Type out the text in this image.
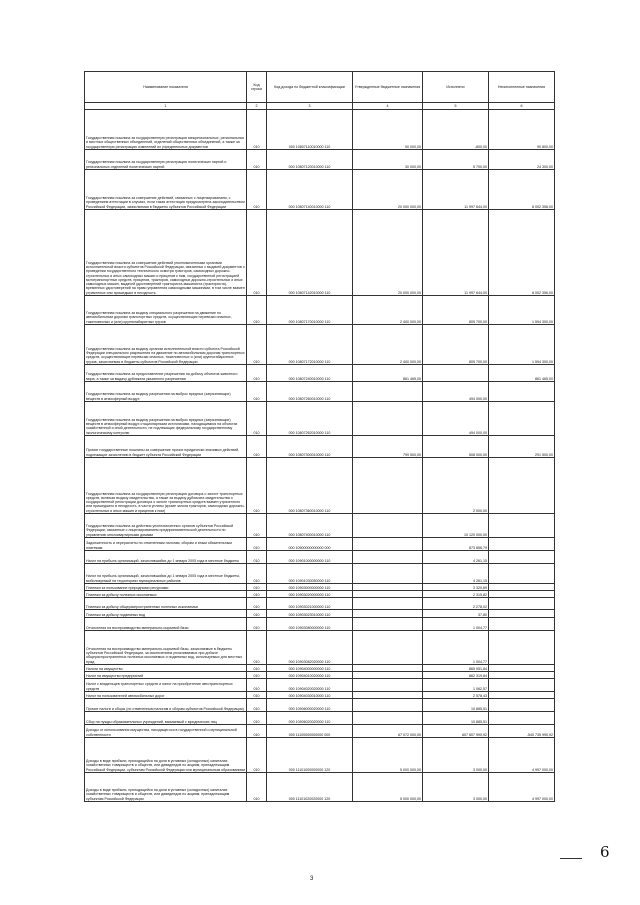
Наименование показателя	Код строки	Код дохода по бюджетной классификации	Утвержденные бюджетные назначения	Исполнено	Неисполненные назначения
1	2	3	4	5	6
Государственная пошлина за государственную регистрацию межрегиональных, региональных и местных общественных объединений, отделений общественных объединений, а также за государственную регистрацию изменений их учредительных документов	010	000 10807110010000 110	90 000,00	-800,00	90 800,00
Государственная пошлина за государственную регистрацию политических партий и региональных отделений политических партий	010	000 10807120010000 110	30 000,00	5 700,00	24 300,00
Государственная пошлина за совершение действий, связанных с лицензированием, с проведением аттестации в случаях, если такая аттестация предусмотрена законодательством Российской Федерации, зачисляемая в бюджеты субъектов Российской Федерации	010	000 10807140010000 110	20 000 000,00	11 997 644,00	8 002 356,00
Государственная пошлина за совершение действий уполномоченными органами исполнительной власти субъектов Российской Федерации, связанных с выдачей документов о проведении государственного технического осмотра тракторов, самоходных дорожно-строительных и иных самоходных машин и прицепов к ним, государственной регистрацией мототранспортных средств, прицепов, тракторов, самоходных дорожно-строительных и иных самоходных машин, выдачей удостоверений тракториста-машиниста (тракториста), временных удостоверений на право управления самоходными машинами, в том числе взамен утраченных или пришедших в негодность	010	000 10807142010000 110	20 000 000,00	11 997 644,00	8 002 356,00
Государственная пошлина за выдачу специального разрешения на движение по автомобильным дорогам транспортных средств, осуществляющих перевозки опасных, тяжеловесных и (или) крупногабаритных грузов	010	000 10807170010000 110	2 400 000,00	805 700,00	1 594 300,00
Государственная пошлина за выдачу органом исполнительной власти субъекта Российской Федерации специального разрешения на движение по автомобильным дорогам транспортных средств, осуществляющих перевозки опасных, тяжеловесных и (или) крупногабаритных грузов, зачисляемая в бюджеты субъектов Российской Федерации	010	000 10807172010000 110	2 400 000,00	805 700,00	1 594 300,00
Государственная пошлина за предоставление разрешения на добычу объектов животного мира, а также за выдачу дубликата указанного разрешения	010	000 10807240010000 110	861 465,00		861 465,00
Государственная пошлина за выдачу разрешения на выброс вредных (загрязняющих) веществ в атмосферный воздух	010	000 10807260010000 110		494 000,00	
Государственная пошлина за выдачу разрешения на выброс вредных (загрязняющих) веществ в атмосферный воздух стационарными источниками, находящимися на объектах хозяйственной и иной деятельности, не подлежащих федеральному государственному экологическому контролю	010	000 10807262010000 110		494 000,00	
Прочие государственные пошлины за совершение прочих юридически значимых действий, подлежащие зачислению в бюджет субъекта Российской Федерации	010	000 10807300010000 110	799 500,00	508 000,00	291 500,00
Государственная пошлина за государственную регистрацию договора о залоге транспортных средств, включая выдачу свидетельства, а также за выдачу дубликата свидетельства о государственной регистрации договора о залоге транспортных средств взамен утраченного или пришедшего в негодность, в части уплаты (кроме залога тракторов, самоходных дорожно-строительных и иных машин и прицепов к ним)	010	000 10807360010000 110		2 000,00	
Государственная пошлина за действия уполномоченных органов субъектов Российской Федерации, связанные с лицензированием предпринимательской деятельности по управлению многоквартирными домами	010	000 10807400010000 110		10 120 000,00	
Задолженность и перерасчеты по отмененным налогам, сборам и иным обязательным платежам	010	000 10900000000000 000		873 856,79	
Налог на прибыль организаций, зачислявшийся до 1 января 2005 года в местные бюджеты	010	000 10901000000000 110		4 261,15	
Налог на прибыль организаций, зачислявшийся до 1 января 2005 года в местные бюджеты, мобилизуемый на территориях муниципальных районов	010	000 10901030050000 110		4 261,15	
Платежи за пользование природными ресурсами	010	000 10903000000000 110		3 320,69	
Платежи за добычу полезных ископаемых	010	000 10903020000000 110		2 315,82	
Платежи за добычу общераспространенных полезных ископаемых	010	000 10903021000000 110		2 278,02	
Платежи за добычу подземных вод	010	000 10903023010000 110		37,80	
Отчисления на воспроизводство минерально-сырьевой базы	010	000 10903080000000 110		1 004,77	
Отчисления на воспроизводство минерально-сырьевой базы, зачисляемые в бюджеты субъектов Российской Федерации, за исключением уплачиваемых при добыче общераспространенных полезных ископаемых и подземных вод, используемых для местных нужд	010	000 10903082020000 110		1 004,77	
Налоги на имущество	010	000 10904000000000 110		865 951,84	
Налог на имущество предприятий	010	000 10904010020000 110		862 319,84	
Налог с владельцев транспортных средств и налог на приобретение автотранспортных средств	010	000 10904020020000 110		1 062,57	
Налог на пользователей автомобильных дорог	010	000 10904030010000 110		2 578,43	
Прочие налоги и сборы (по отмененным налогам и сборам субъектов Российской Федерации)	010	000 10906000020000 110		10 885,51	
Сбор на нужды образовательных учреждений, взимаемый с юридических лиц	010	000 10906020020000 110		10 885,51	
Доходы от использования имущества, находящегося в государственной и муниципальной собственности	010	000 11100000000000 000	67 072 000,00	607 807 990,92	-540 735 990,92
Доходы в виде прибыли, приходящейся на доли в уставных (складочных) капиталах хозяйственных товариществ и обществ, или дивидендов по акциям, принадлежащим Российской Федерации, субъектам Российской Федерации или муниципальным образованиям	010	000 11101000000000 120	5 000 000,00	3 000,00	4 997 000,00
Доходы в виде прибыли, приходящейся на доли в уставных (складочных) капиталах хозяйственных товариществ и обществ, или дивидендов по акциям, принадлежащим субъектам Российской Федерации	010	000 11101020020000 120	5 000 000,00	3 000,00	4 997 000,00
6
3
